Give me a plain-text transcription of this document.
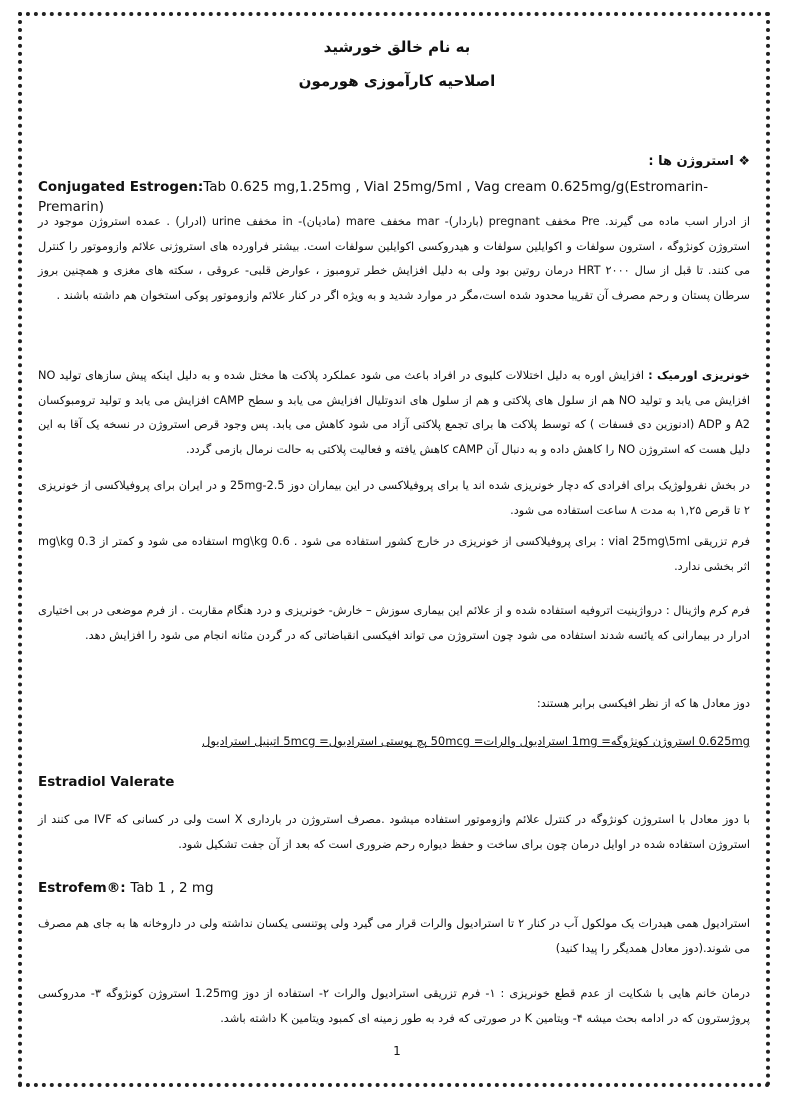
به نام خالق خورشید
اصلاحیه کارآموزی هورمون
❖ استروژن ها :
Conjugated Estrogen:Tab 0.625 mg,1.25mg , Vial 25mg/5ml , Vag cream 0.625mg/g(Estromarin-Premarin)
از ادرار اسب ماده می گیرند. Pre مخفف pregnant (باردار)- mar مخفف mare (مادیان)- in مخفف urine (ادرار) . عمده استروژن موجود در استروژن کونژوگه ، استرون سولفات و اکوایلین سولفات و هیدروکسی اکوایلین سولفات است. بیشتر فراورده های استروژنی علائم وازوموتور را کنترل می کنند. تا قبل از سال ۲۰۰۰ HRT درمان روتین بود ولی به دلیل افزایش خطر ترومبوز ، عوارض قلبی- عروقی ، سکته های مغزی و همچنین بروز سرطان پستان و رحم مصرف آن تقریبا محدود شده است،مگر در موارد شدید و به ویژه اگر در کنار علائم وازوموتور پوکی استخوان هم داشته باشند .
خونریزی اورمیک : افزایش اوره به دلیل اختلالات کلیوی در افراد باعث می شود عملکرد پلاکت ها مختل شده و به دلیل اینکه پیش سازهای تولید NO افزایش می یابد و تولید NO هم از سلول های پلاکتی و هم از سلول های اندوتلیال افزایش می یابد و سطح cAMP افزایش می یابد و تولید ترومبوکسان A2 و ADP (ادنوزین دی فسفات ) که توسط پلاکت ها برای تجمع پلاکتی آزاد می شود کاهش می یابد. پس وجود قرص استروژن در نسخه یک آقا به این دلیل هست که استروژن NO را کاهش داده و به دنبال آن cAMP کاهش یافته و فعالیت پلاکتی به حالت نرمال بازمی گردد.
در بخش نفرولوژیک برای افرادی که دچار خونریزی شده اند یا برای پروفیلاکسی در این بیماران دوز 2.5-25mg و در ایران برای پروفیلاکسی از خونریزی ۲ تا قرص ۱,۲۵ به مدت ۸ ساعت استفاده می شود.
فرم تزریقی vial 25mg\5ml : برای پروفیلاکسی از خونریزی در خارج کشور استفاده می شود . 0.6 mg\kg استفاده می شود و کمتر از mg\kg 0.3 اثر بخشی ندارد.
فرم کرم واژینال : درواژینیت اتروفیه استفاده شده و از علائم این بیماری سوزش – خارش- خونریزی و درد هنگام مقاربت . از فرم موضعی در بی اختیاری ادرار در بیمارانی که یائسه شدند استفاده می شود چون استروژن می تواند افیکسی انقباضاتی که در گردن مثانه انجام می شود را افزایش دهد.
دوز معادل ها که از نظر افیکسی برابر هستند:
0.625mg استروژن کونژوگه= 1mg استرادیول والرات= 50mcg پچ پوستی استرادیول= 5mcg اتینیل استرادیول
Estradiol Valerate
با دوز معادل با استروژن کونژوگه در کنترل علائم وازوموتور استفاده میشود .مصرف استروژن در بارداری X است ولی در کسانی که IVF می کنند از استروژن استفاده شده در اوایل درمان چون برای ساخت و حفظ دیواره رحم ضروری است که بعد از آن جفت تشکیل شود.
Estrofem®: Tab 1 , 2 mg
استرادیول همی هیدرات یک مولکول آب در کنار ۲ تا استرادیول والرات قرار می گیرد ولی پوتنسی یکسان نداشته ولی در داروخانه ها به جای هم مصرف می شوند.(دوز معادل همدیگر را پیدا کنید)
درمان خانم هایی با شکایت از عدم قطع خونریزی : ۱- فرم تزریقی استرادیول والرات ۲- استفاده از دوز 1.25mg استروژن کونژوگه ۳- مدروکسی پروژسترون که در ادامه بحث میشه ۴- ویتامین K در صورتی که فرد به طور زمینه ای کمبود ویتامین K داشته باشد.
1
